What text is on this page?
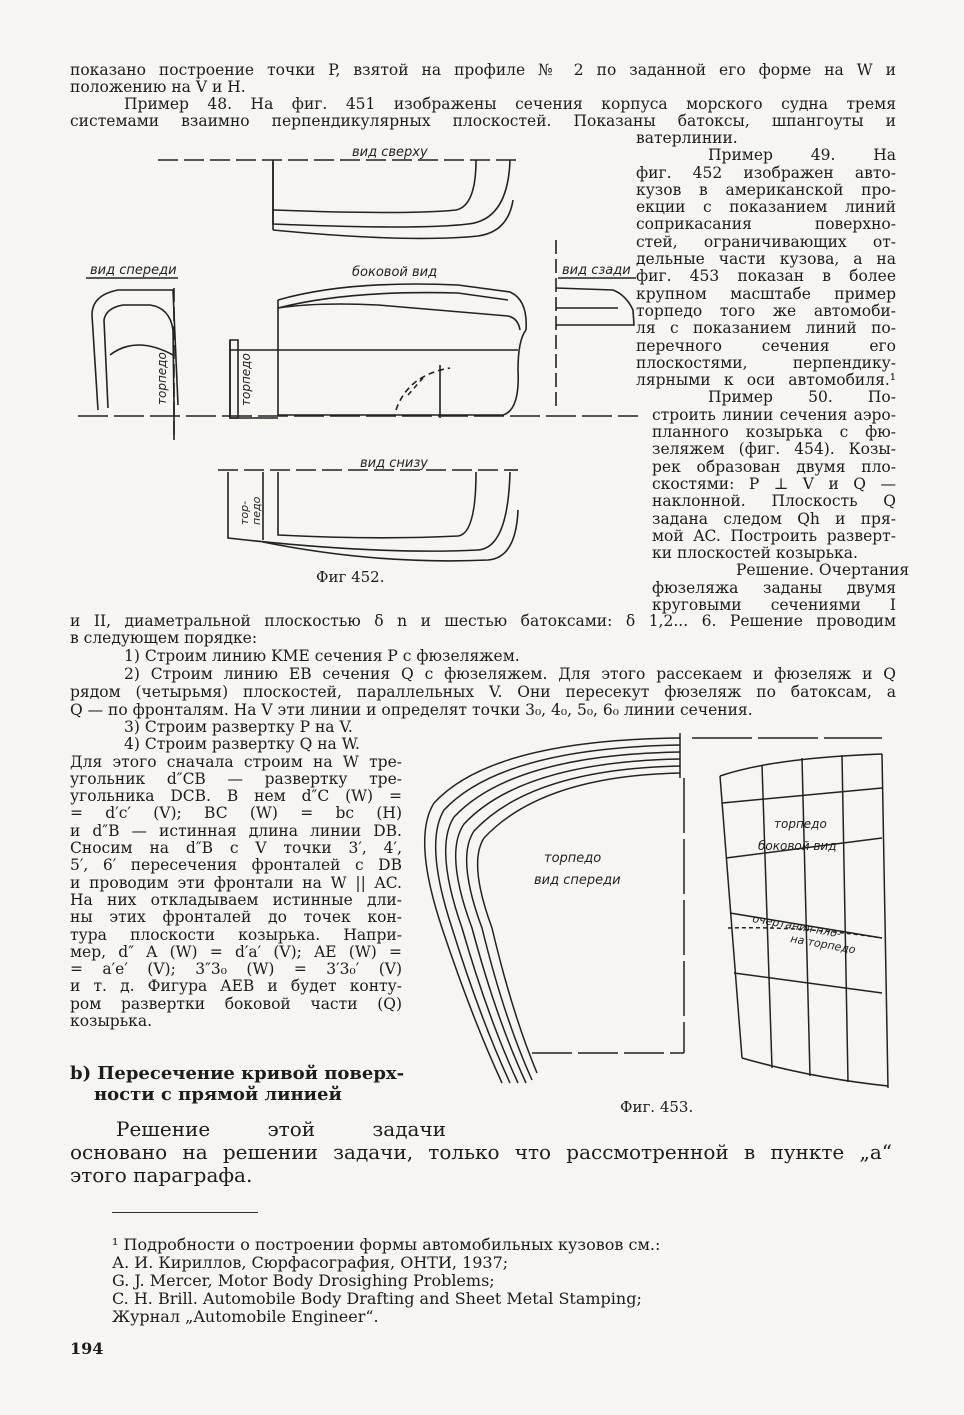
показано построение точки P, взятой на профиле № 2 по заданной его форме на W и
положению на V и H.
Пример 48. На фиг. 451 изображены сечения корпуса морского судна тремя
системами взаимно перпендикулярных плоскостей. Показаны батоксы, шпангоуты и
ватерлинии.
Пример 49. На
фиг. 452 изображен авто-
кузов в американской про-
екции с показанием линий
соприкасания поверхно-
стей, ограничивающих от-
дельные части кузова, а на
фиг. 453 показан в более
крупном масштабе пример
торпедо того же автомоби-
ля с показанием линий по-
перечного сечения его
плоскостями, перпендику-
лярными к оси автомобиля.¹
Пример 50. По-
строить линии сечения аэро-
планного козырька с фю-
зеляжем (фиг. 454). Козы-
рек образован двумя пло-
скостями: P ⊥ V и Q —
наклонной. Плоскость Q
задана следом Qh и пря-
мой AC. Построить разверт-
ки плоскостей козырька.
Решение. Очертания
фюзеляжа заданы двумя
круговыми сечениями I
вид сверху
вид спереди	боковой вид	вид сзади
вид снизу
торпедо	торпедо
тор- педо
Фиг 452.
и II, диаметральной плоскостью δ n и шестью батоксами: δ 1,2... 6. Решение проводим
в следующем порядке:
1) Строим линию KME сечения P с фюзеляжем.
2) Строим линию EB сечения Q с фюзеляжем. Для этого рассекаем и фюзеляж и Q
рядом (четырьмя) плоскостей, параллельных V. Они пересекут фюзеляж по батоксам, а
Q — по фронталям. На V эти линии и определят точки 3₀, 4₀, 5₀, 6₀ линии сечения.
3) Строим развертку P на V.
4) Строим развертку Q на W.
Для этого сначала строим на W тре-
угольник d″CB — развертку тре-
угольника DCB. В нем d″C (W) =
= d′c′ (V); BC (W) = bc (H)
и d″B — истинная длина линии DB.
Сносим на d″B с V точки 3′, 4′,
5′, 6′ пересечения фронталей с DB
и проводим эти фронтали на W || AC.
На них откладываем истинные дли-
ны этих фронталей до точек кон-
тура плоскости козырька. Напри-
мер, d″ A (W) = d′a′ (V); AE (W) =
= a′e′ (V); 3″3₀ (W) = 3′3₀′ (V)
и т. д. Фигура AEB и будет конту-
ром развертки боковой части (Q)
козырька.
торпедо
вид спереди
торпедо
боковой вид
очертания пло-
на торпедо
Фиг. 453.
b) Пересечение кривой поверх-
ности с прямой линией
Решение этой задачи
основано на решении задачи, только что рассмотренной в пункте „а“
этого параграфа.
¹ Подробности о построении формы автомобильных кузовов см.:
А. И. Кириллов, Сюрфасография, ОНТИ, 1937;
G. J. Mercer, Motor Body Drosighing Problems;
C. H. Brill. Automobile Body Drafting and Sheet Metal Stamping;
Журнал „Automobile Engineer“.
194
